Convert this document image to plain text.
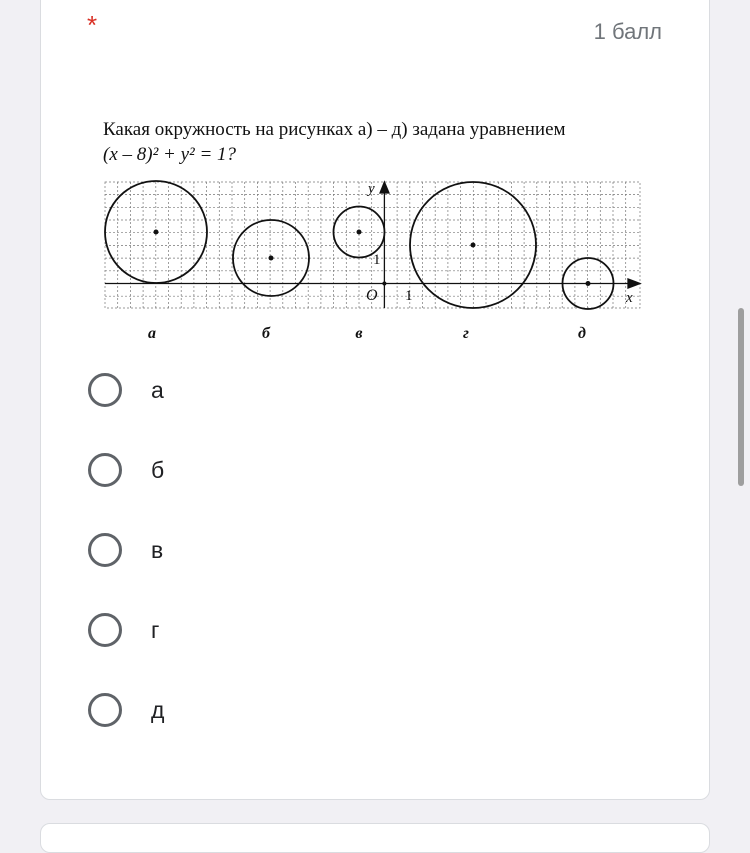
*	1 балл
Какая окружность на рисунках а) – д) задана уравнением
(x – 8)² + y² = 1?
y
x
O 1
1
а	б	в	г	д
а
б
в
г
д
